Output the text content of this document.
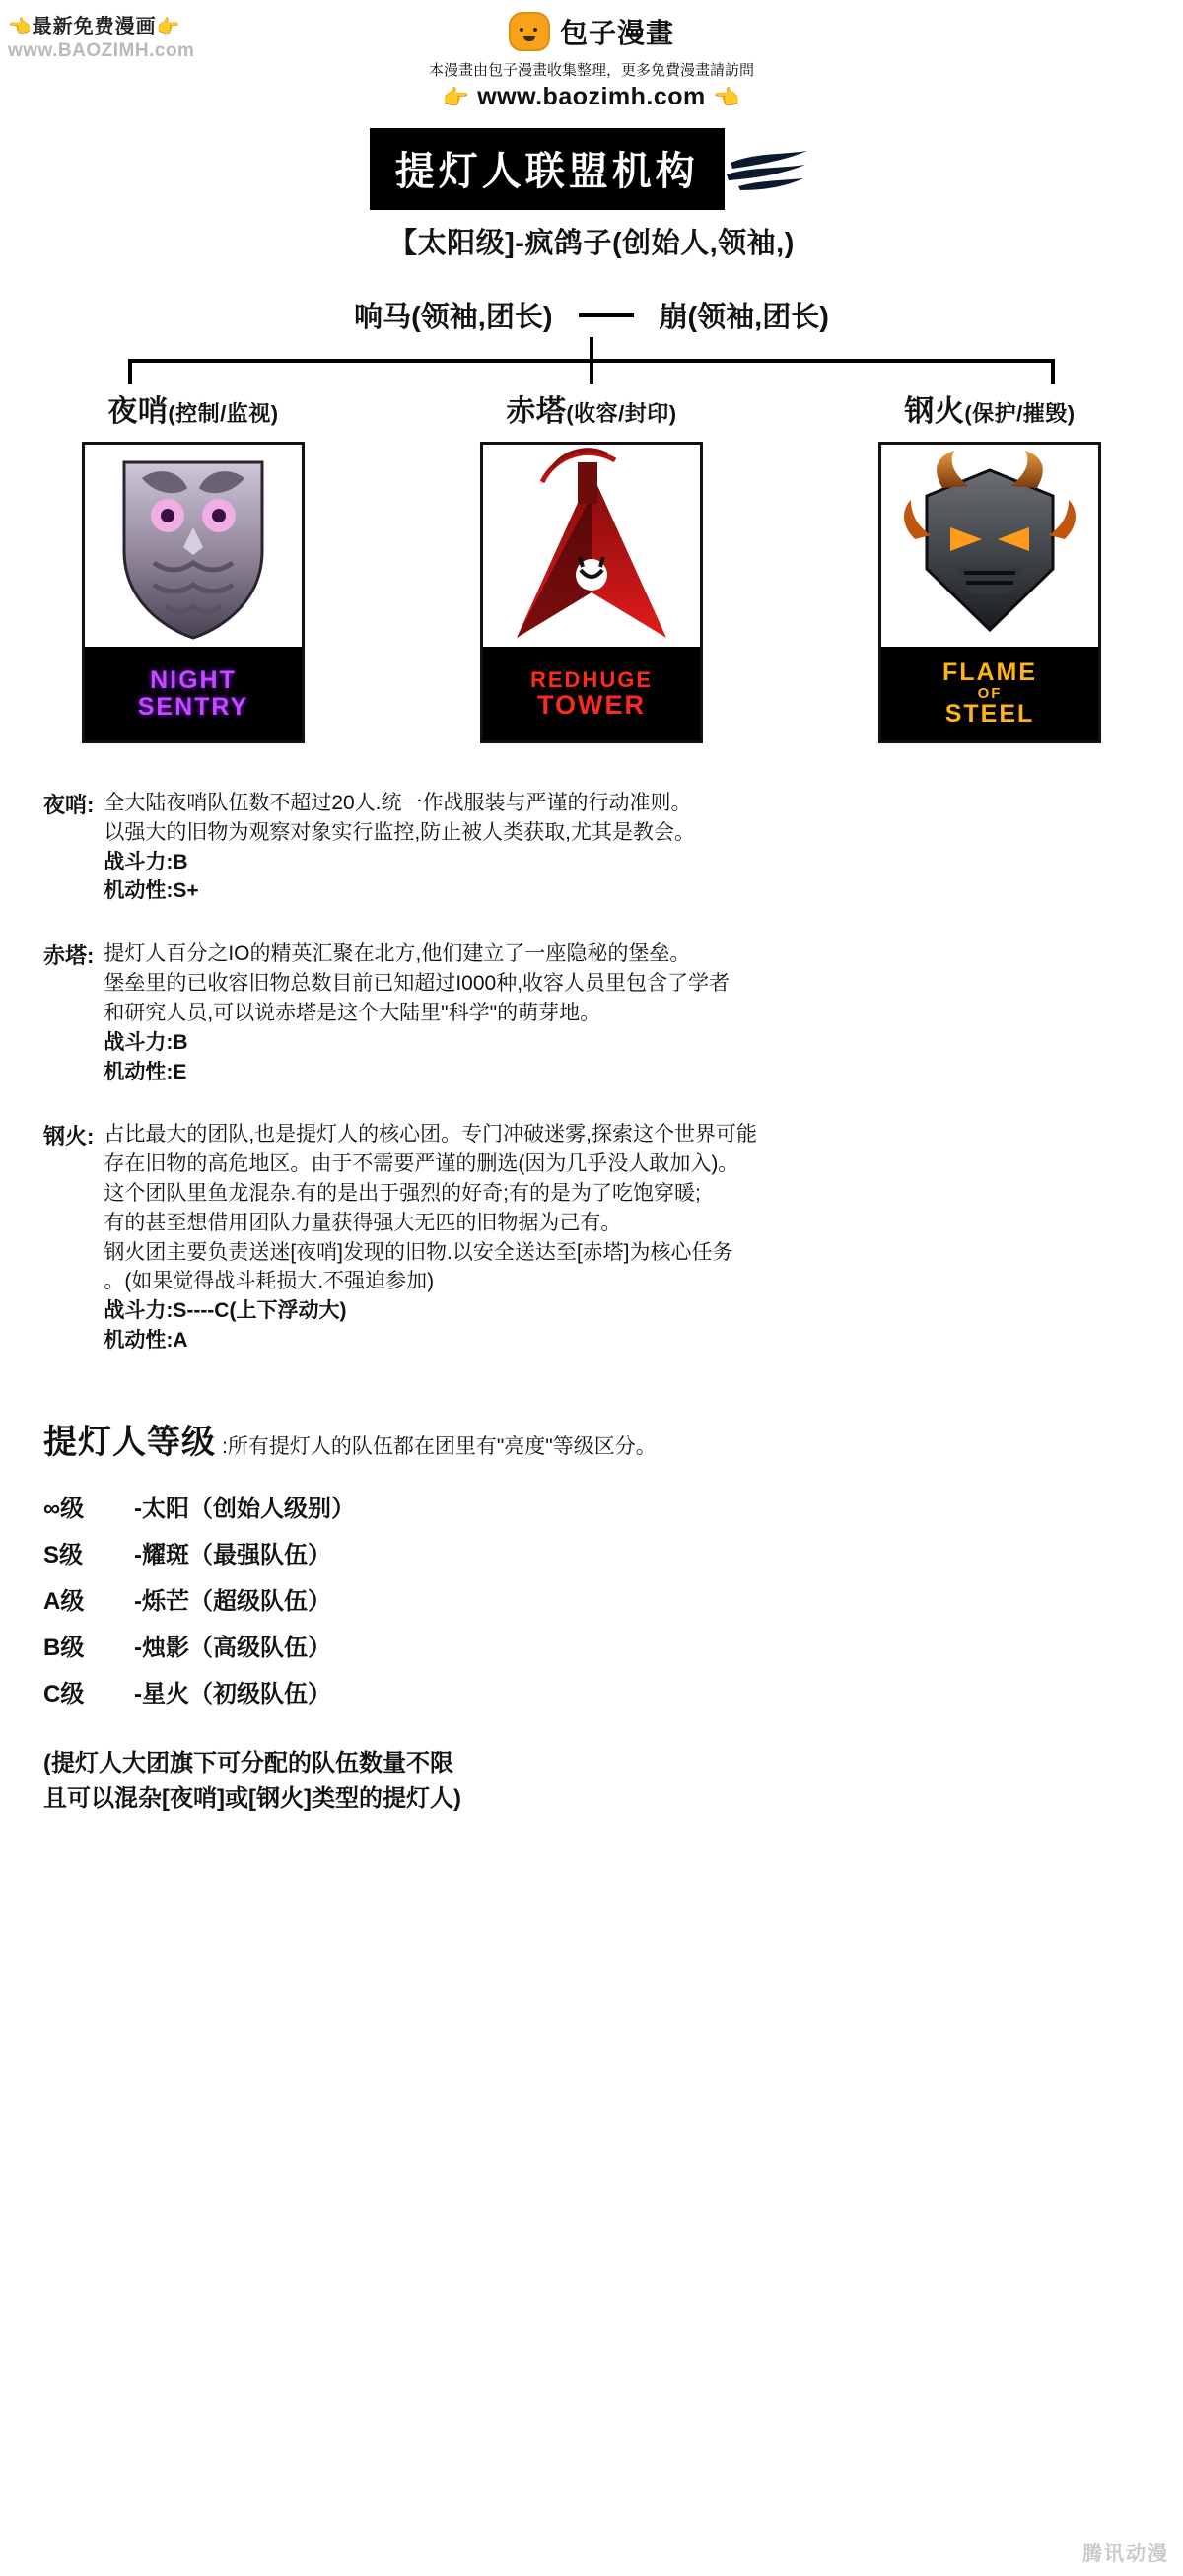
👈最新免费漫画👉
www.BAOZIMH.com
包子漫畫
本漫畫由包子漫畫收集整理，更多免費漫畫請訪問
👉 www.baozimh.com 👈
提灯人联盟机构
【太阳级]-疯鸽子(创始人,领袖,)
响马(领袖,团长)	崩(领袖,团长)
夜哨(控制/监视)
NIGHT
SENTRY
赤塔(收容/封印)
REDHUGE
TOWER
钢火(保护/摧毁)
FLAME
OF
STEEL
夜哨: 全大陆夜哨队伍数不超过20人.统一作战服装与严谨的行动准则。
以强大的旧物为观察对象实行监控,防止被人类获取,尤其是教会。
战斗力:B
机动性:S+
赤塔: 提灯人百分之IO的精英汇聚在北方,他们建立了一座隐秘的堡垒。
堡垒里的已收容旧物总数目前已知超过I000种,收容人员里包含了学者
和研究人员,可以说赤塔是这个大陆里"科学"的萌芽地。
战斗力:B
机动性:E
钢火: 占比最大的团队,也是提灯人的核心团。专门冲破迷雾,探索这个世界可能
存在旧物的高危地区。由于不需要严谨的删选(因为几乎没人敢加入)。
这个团队里鱼龙混杂.有的是出于强烈的好奇;有的是为了吃饱穿暖;
有的甚至想借用团队力量获得强大无匹的旧物据为己有。
钢火团主要负责送迷[夜哨]发现的旧物.以安全送达至[赤塔]为核心任务
。(如果觉得战斗耗损大.不强迫参加)
战斗力:S----C(上下浮动大)
机动性:A
提灯人等级 :所有提灯人的队伍都在团里有"亮度"等级区分。
∞级	-太阳（创始人级别）
S级	-耀斑（最强队伍）
A级	-烁芒（超级队伍）
B级	-烛影（高级队伍）
C级	-星火（初级队伍）
(提灯人大团旗下可分配的队伍数量不限
且可以混杂[夜哨]或[钢火]类型的提灯人)
腾讯动漫
